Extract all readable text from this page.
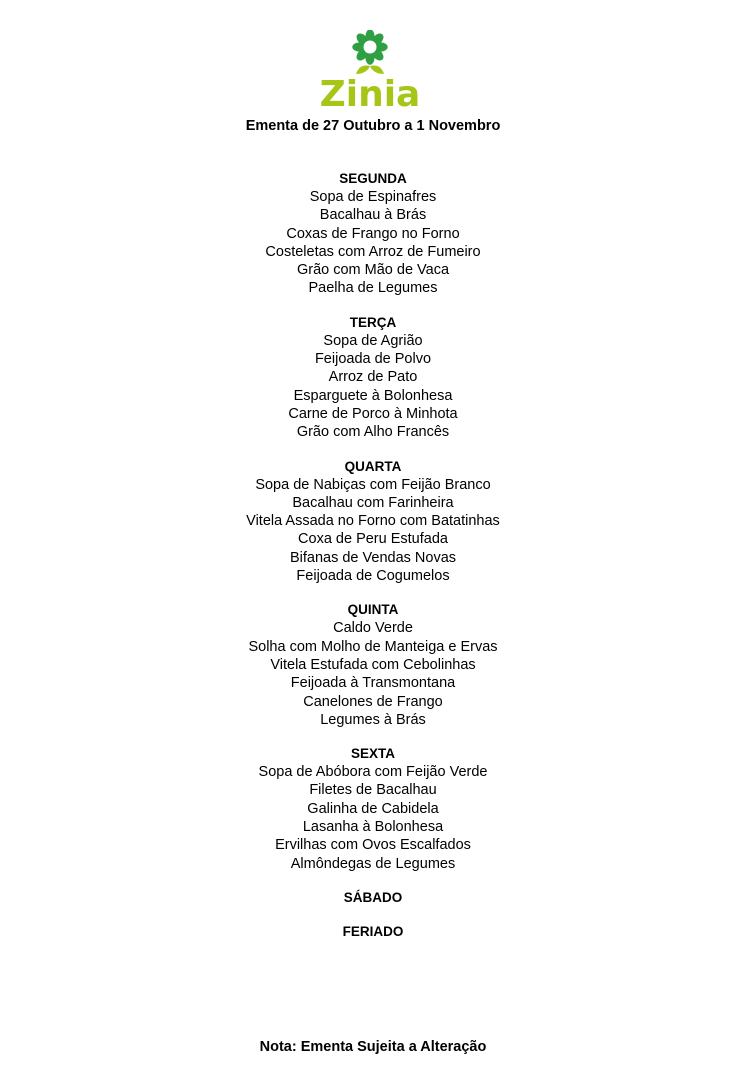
Zinia
Ementa de 27 Outubro a 1 Novembro
SEGUNDA
Sopa de Espinafres
Bacalhau à Brás
Coxas de Frango no Forno
Costeletas com Arroz de Fumeiro
Grão com Mão de Vaca
Paelha de Legumes
TERÇA
Sopa de Agrião
Feijoada de Polvo
Arroz de Pato
Esparguete à Bolonhesa
Carne de Porco à Minhota
Grão com Alho Francês
QUARTA
Sopa de Nabiças com Feijão Branco
Bacalhau com Farinheira
Vitela Assada no Forno com Batatinhas
Coxa de Peru Estufada
Bifanas de Vendas Novas
Feijoada de Cogumelos
QUINTA
Caldo Verde
Solha com Molho de Manteiga e Ervas
Vitela Estufada com Cebolinhas
Feijoada à Transmontana
Canelones de Frango
Legumes à Brás
SEXTA
Sopa de Abóbora com Feijão Verde
Filetes de Bacalhau
Galinha de Cabidela
Lasanha à Bolonhesa
Ervilhas com Ovos Escalfados
Almôndegas de Legumes
SÁBADO
FERIADO
Nota: Ementa Sujeita a Alteração
